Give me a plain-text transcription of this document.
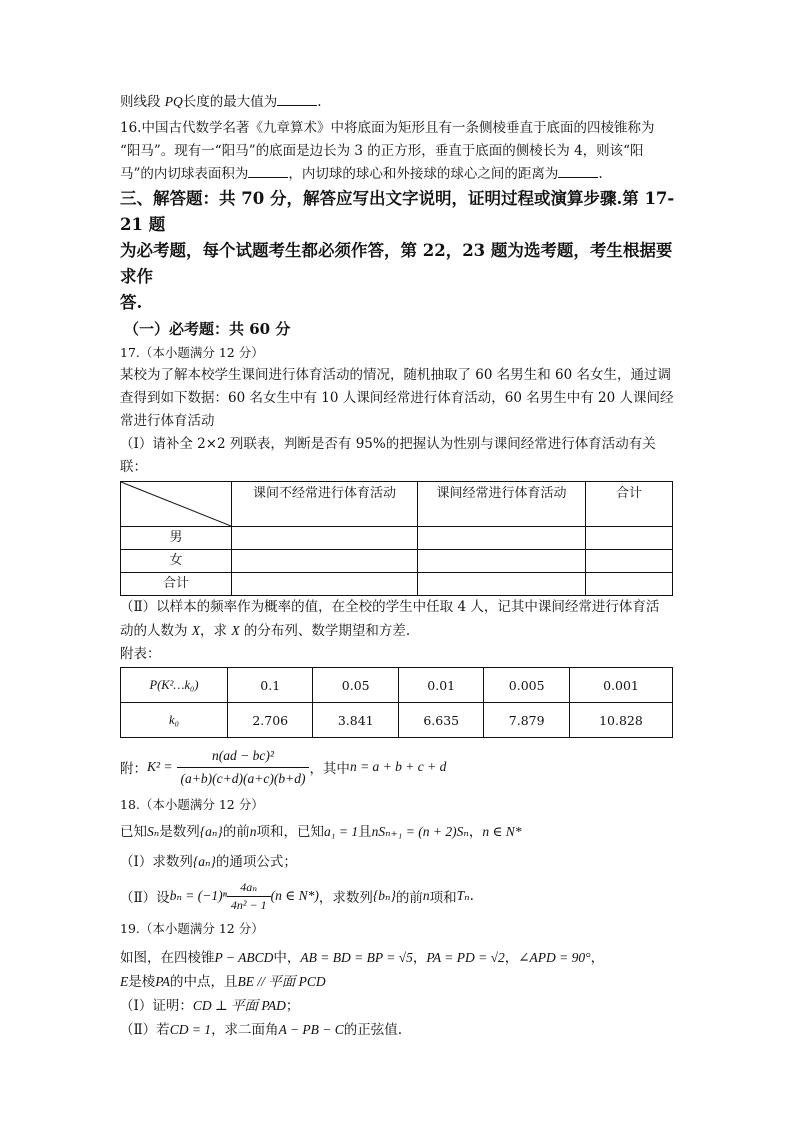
则线段 PQ长度的最大值为	.
16.中国古代数学名著《九章算术》中将底面为矩形且有一条侧棱垂直于底面的四棱锥称为
“阳马”。现有一“阳马”的底面是边长为 3 的正方形，垂直于底面的侧棱长为 4，则该“阳
马”的内切球表面积为	，内切球的球心和外接球的球心之间的距离为	.
三、解答题：共 70 分，解答应写出文字说明，证明过程或演算步骤.第 17-21 题
为必考题，每个试题考生都必须作答，第 22，23 题为选考题，考生根据要求作
答.
（一）必考题：共 60 分
17.（本小题满分 12 分）
某校为了解本校学生课间进行体育活动的情况，随机抽取了 60 名男生和 60 名女生，通过调
查得到如下数据：60 名女生中有 10 人课间经常进行体育活动，60 名男生中有 20 人课间经
常进行体育活动
（Ⅰ）请补全 2×2 列联表，判断是否有 95%的把握认为性别与课间经常进行体育活动有关
联：
	课间不经常进行体育活动	课间经常进行体育活动	合计
男			
女			
合计			
（Ⅱ）以样本的频率作为概率的值，在全校的学生中任取 4 人，记其中课间经常进行体育活
动的人数为 X，求 X 的分布列、数学期望和方差.
附表：
P(K²…k₀)	0.1	0.05	0.01	0.005	0.001
k₀	2.706	3.841	6.635	7.879	10.828
附： $K^2 = \frac{\text{n(ad − bc)²}}{(a+b)(c+d)(a+c)(b+d)}$ ，其中 n = a + b + c + d
18.（本小题满分 12 分）
已知Sₙ是数列{aₙ}的前n项和，已知a₁ = 1且nSₙ₊₁ = (n + 2)Sₙ，n ∈ N*
（Ⅰ）求数列{aₙ}的通项公式；
（Ⅱ）设 $b_n = (-1)^n \frac{\text{4aₙ}}{\text{4n² − 1}} (n$ ∈ N*) ，求数列 {bₙ} 的前 n 项和 Tₙ .
19.（本小题满分 12 分）
如图，在四棱锥P − ABCD中，AB = BD = BP = √5，PA = PD = √2，∠APD = 90°，
E是棱PA的中点，且BE // 平面 PCD
（Ⅰ）证明：CD ⊥ 平面 PAD；
（Ⅱ）若CD = 1，求二面角A − PB − C的正弦值.
